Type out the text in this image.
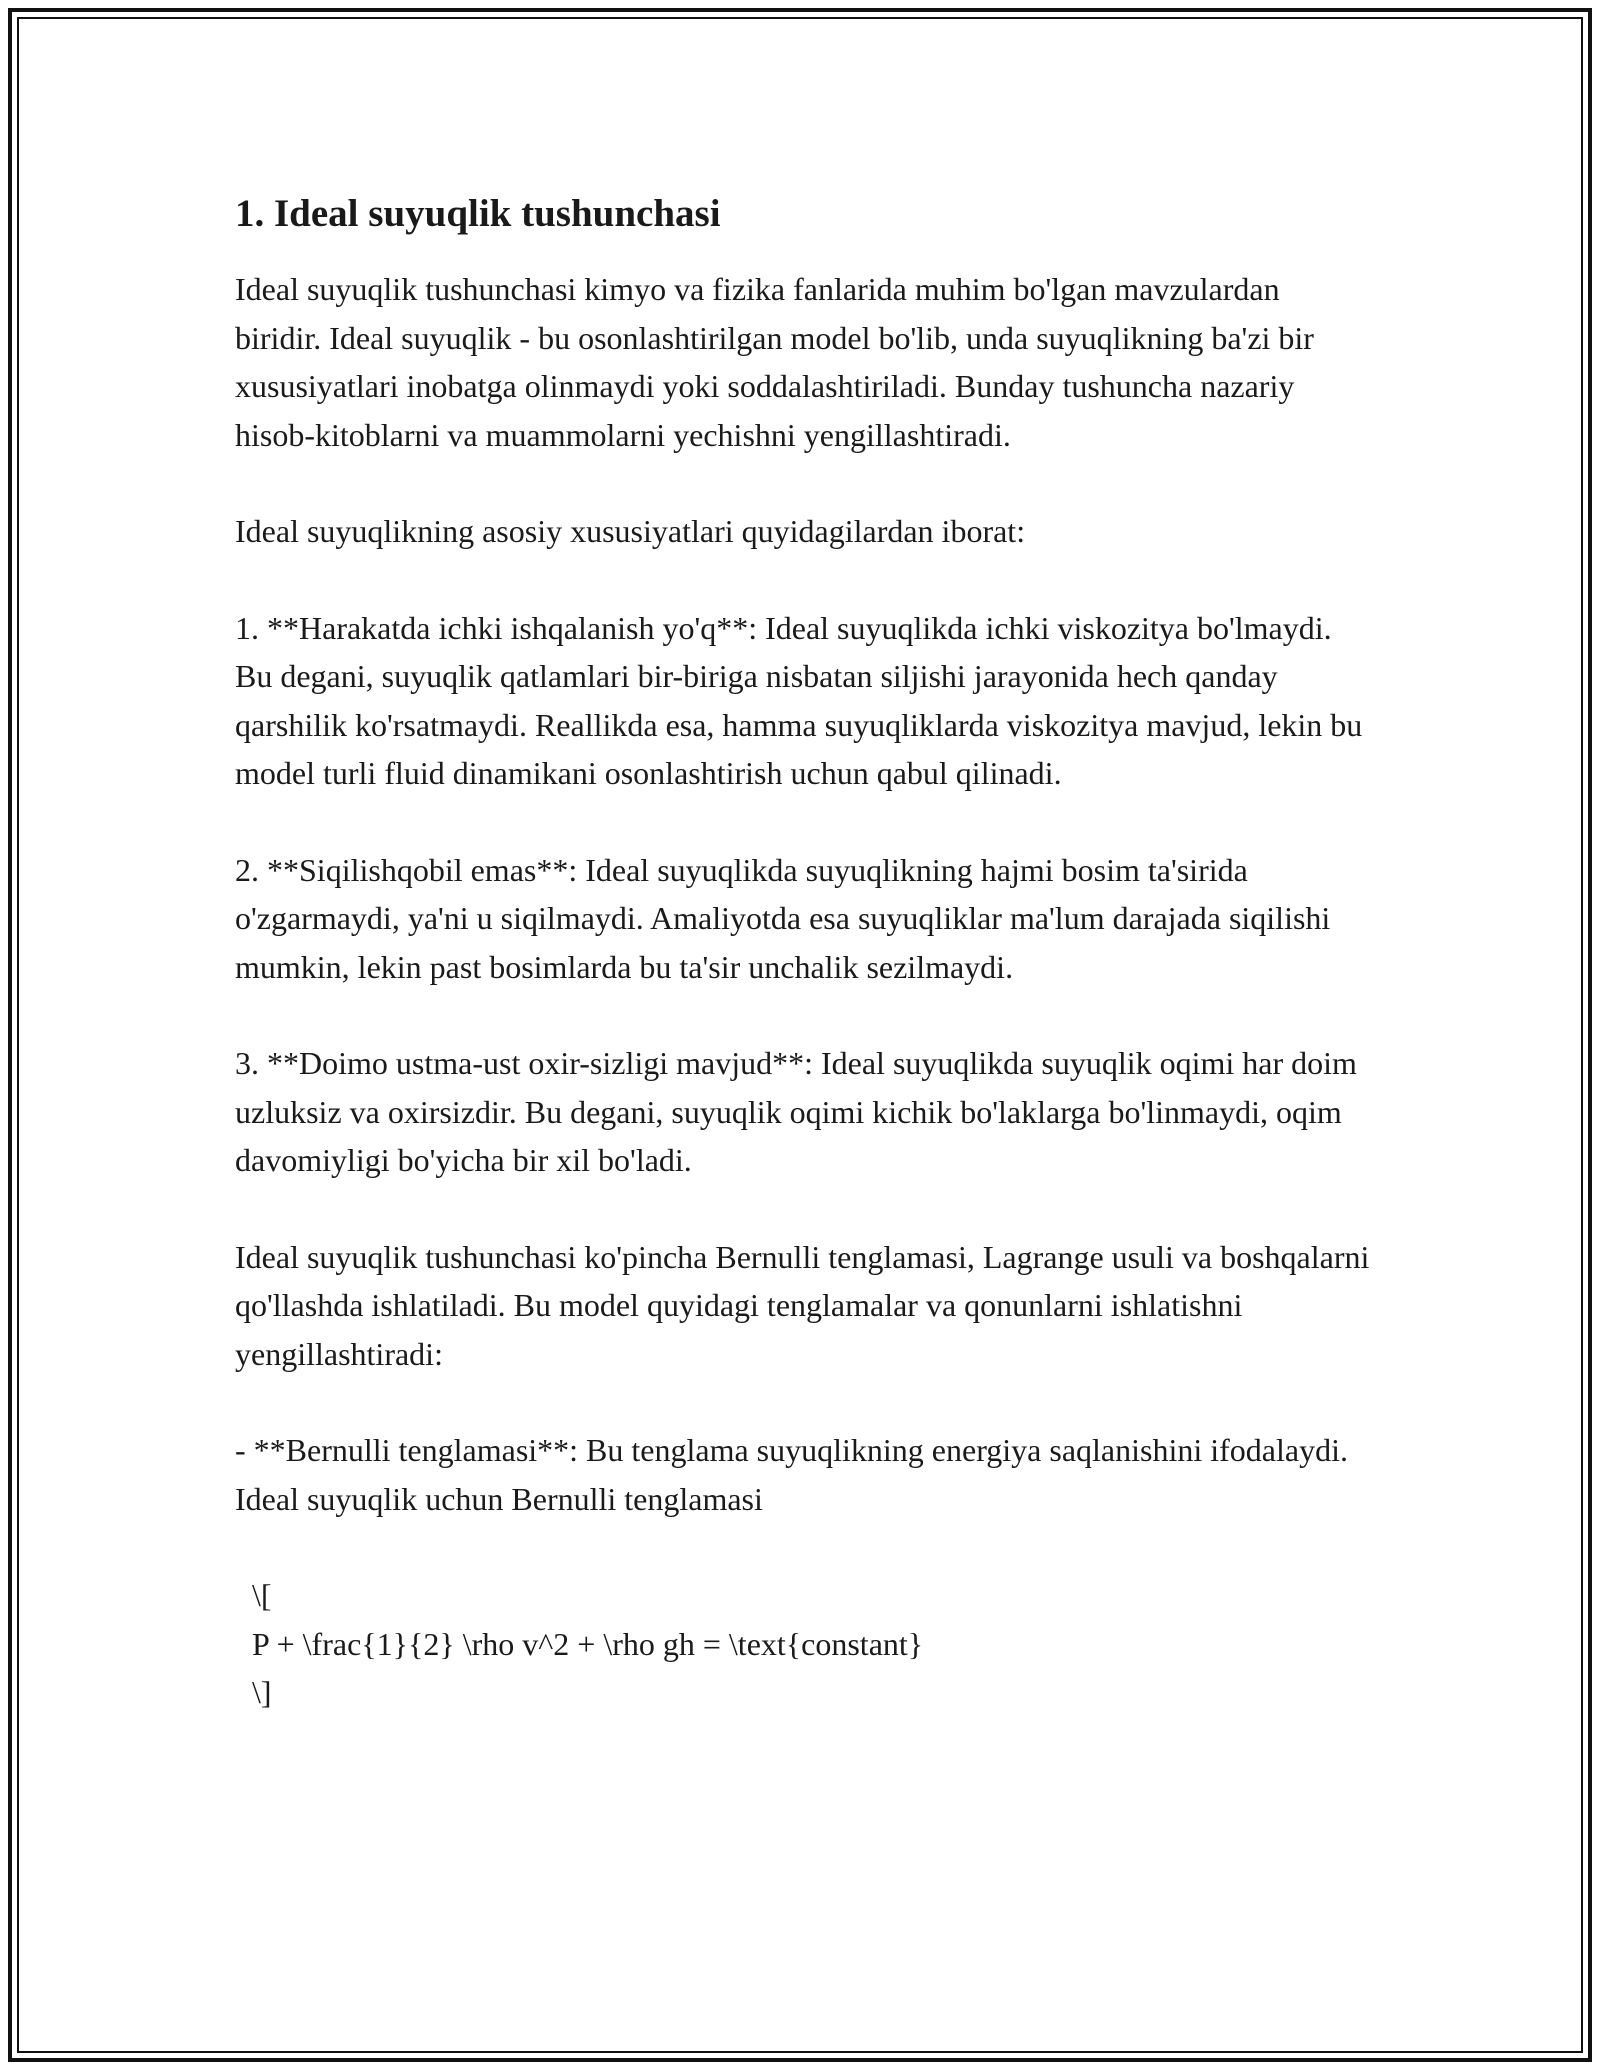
1. Ideal suyuqlik tushunchasi

Ideal suyuqlik tushunchasi kimyo va fizika fanlarida muhim bo'lgan mavzulardan biridir. Ideal suyuqlik - bu osonlashtirilgan model bo'lib, unda suyuqlikning ba'zi bir xususiyatlari inobatga olinmaydi yoki soddalashtiriladi. Bunday tushuncha nazariy hisob-kitoblarni va muammolarni yechishni yengillashtiradi.

Ideal suyuqlikning asosiy xususiyatlari quyidagilardan iborat:

1. **Harakatda ichki ishqalanish yo'q**: Ideal suyuqlikda ichki viskozitya bo'lmaydi. Bu degani, suyuqlik qatlamlari bir-biriga nisbatan siljishi jarayonida hech qanday qarshilik ko'rsatmaydi. Reallikda esa, hamma suyuqliklarda viskozitya mavjud, lekin bu model turli fluid dinamikani osonlashtirish uchun qabul qilinadi.

2. **Siqilishqobil emas**: Ideal suyuqlikda suyuqlikning hajmi bosim ta'sirida o'zgarmaydi, ya'ni u siqilmaydi. Amaliyotda esa suyuqliklar ma'lum darajada siqilishi mumkin, lekin past bosimlarda bu ta'sir unchalik sezilmaydi.

3. **Doimo ustma-ust oxir-sizligi mavjud**: Ideal suyuqlikda suyuqlik oqimi har doim uzluksiz va oxirsizdir. Bu degani, suyuqlik oqimi kichik bo'laklarga bo'linmaydi, oqim davomiyligi bo'yicha bir xil bo'ladi.

Ideal suyuqlik tushunchasi ko'pincha Bernulli tenglamasi, Lagrange usuli va boshqalarni qo'llashda ishlatiladi. Bu model quyidagi tenglamalar va qonunlarni ishlatishni yengillashtiradi:

- **Bernulli tenglamasi**: Bu tenglama suyuqlikning energiya saqlanishini ifodalaydi. Ideal suyuqlik uchun Bernulli tenglamasi

\[
P + \frac{1}{2} \rho v^2 + \rho gh = \text{constant}
\]
